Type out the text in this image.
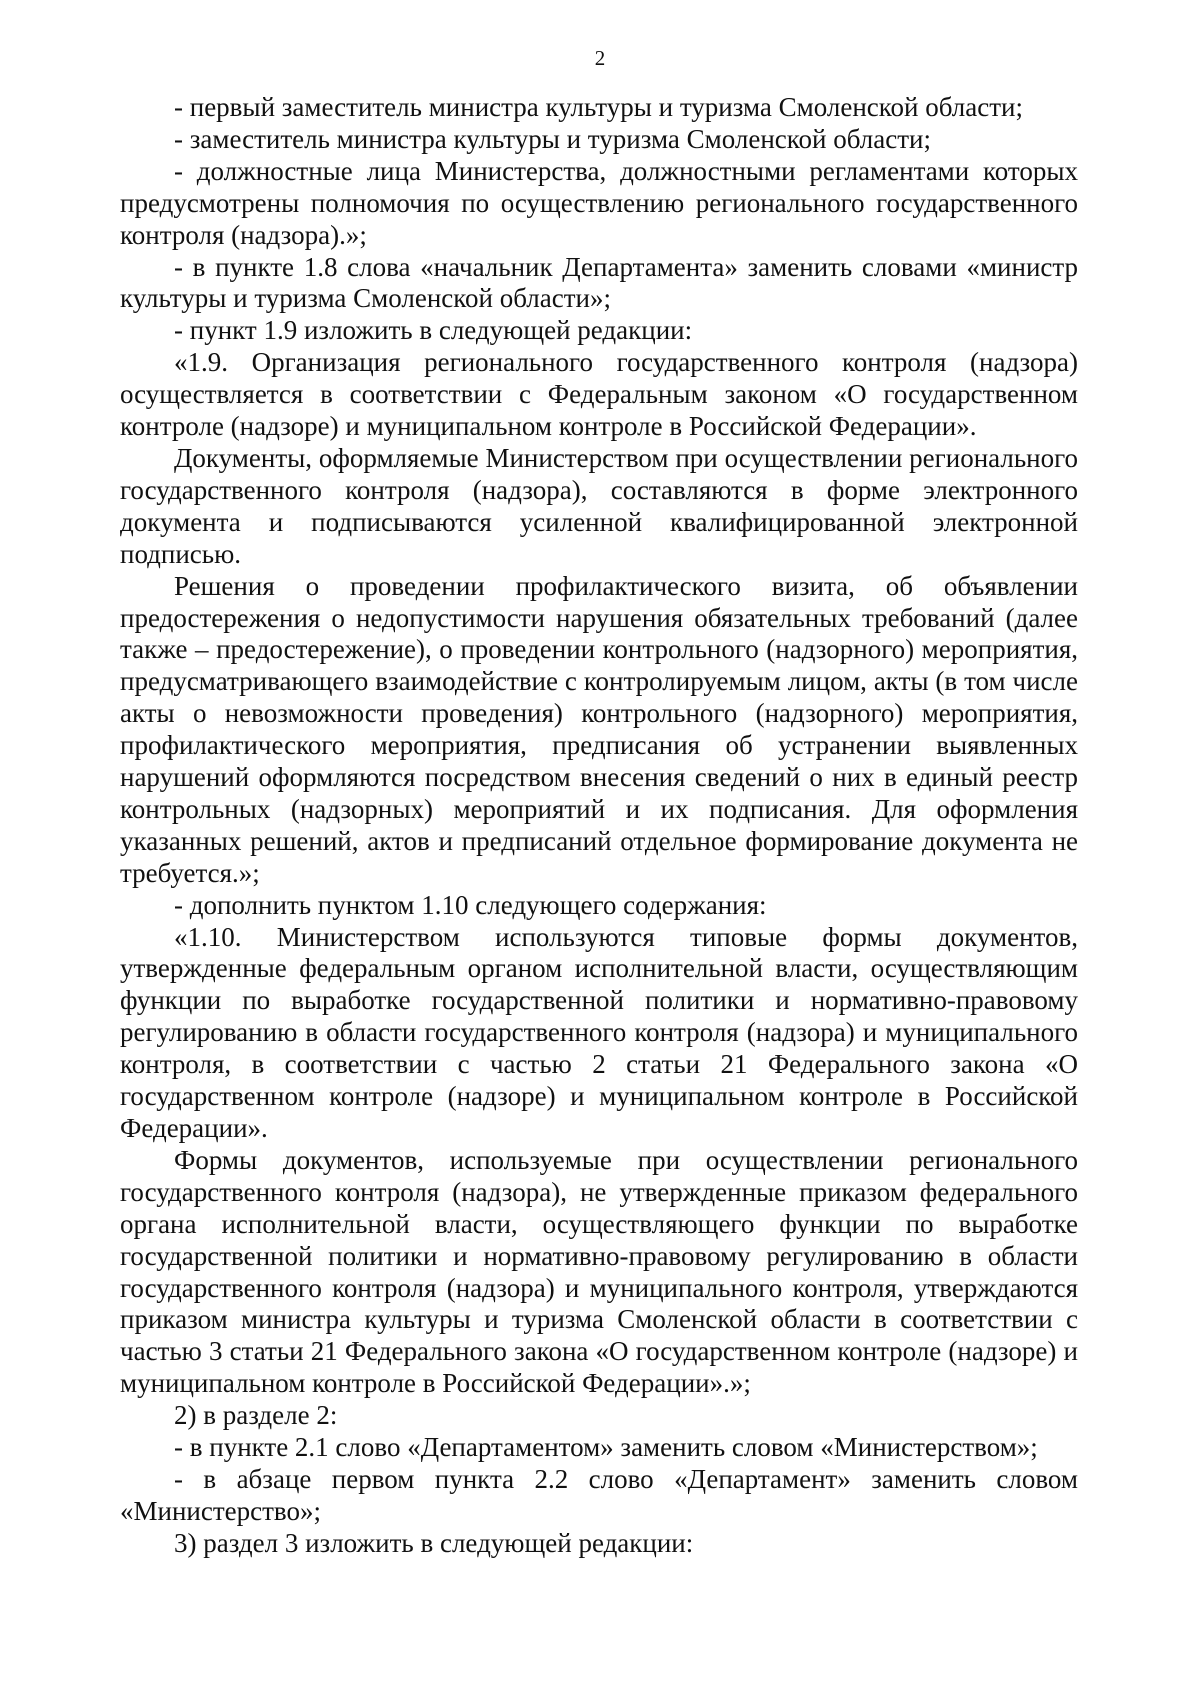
2

- первый заместитель министра культуры и туризма Смоленской области;

- заместитель министра культуры и туризма Смоленской области;

- должностные лица Министерства, должностными регламентами которых предусмотрены полномочия по осуществлению регионального государственного контроля (надзора).»;

- в пункте 1.8 слова «начальник Департамента» заменить словами «министр культуры и туризма Смоленской области»;

- пункт 1.9 изложить в следующей редакции:

«1.9. Организация регионального государственного контроля (надзора) осуществляется в соответствии с Федеральным законом «О государственном контроле (надзоре) и муниципальном контроле в Российской Федерации».

Документы, оформляемые Министерством при осуществлении регионального государственного контроля (надзора), составляются в форме электронного документа и подписываются усиленной квалифицированной электронной подписью.

Решения о проведении профилактического визита, об объявлении предостережения о недопустимости нарушения обязательных требований (далее также – предостережение), о проведении контрольного (надзорного) мероприятия, предусматривающего взаимодействие с контролируемым лицом, акты (в том числе акты о невозможности проведения) контрольного (надзорного) мероприятия, профилактического мероприятия, предписания об устранении выявленных нарушений оформляются посредством внесения сведений о них в единый реестр контрольных (надзорных) мероприятий и их подписания. Для оформления указанных решений, актов и предписаний отдельное формирование документа не требуется.»;

- дополнить пунктом 1.10 следующего содержания:

«1.10. Министерством используются типовые формы документов, утвержденные федеральным органом исполнительной власти, осуществляющим функции по выработке государственной политики и нормативно-правовому регулированию в области государственного контроля (надзора) и муниципального контроля, в соответствии с частью 2 статьи 21 Федерального закона «О государственном контроле (надзоре) и муниципальном контроле в Российской Федерации».

Формы документов, используемые при осуществлении регионального государственного контроля (надзора), не утвержденные приказом федерального органа исполнительной власти, осуществляющего функции по выработке государственной политики и нормативно-правовому регулированию в области государственного контроля (надзора) и муниципального контроля, утверждаются приказом министра культуры и туризма Смоленской области в соответствии с частью 3 статьи 21 Федерального закона «О государственном контроле (надзоре) и муниципальном контроле в Российской Федерации».»;

2) в разделе 2:

- в пункте 2.1 слово «Департаментом» заменить словом «Министерством»;

- в абзаце первом пункта 2.2 слово «Департамент» заменить словом «Министерство»;

3) раздел 3 изложить в следующей редакции:
